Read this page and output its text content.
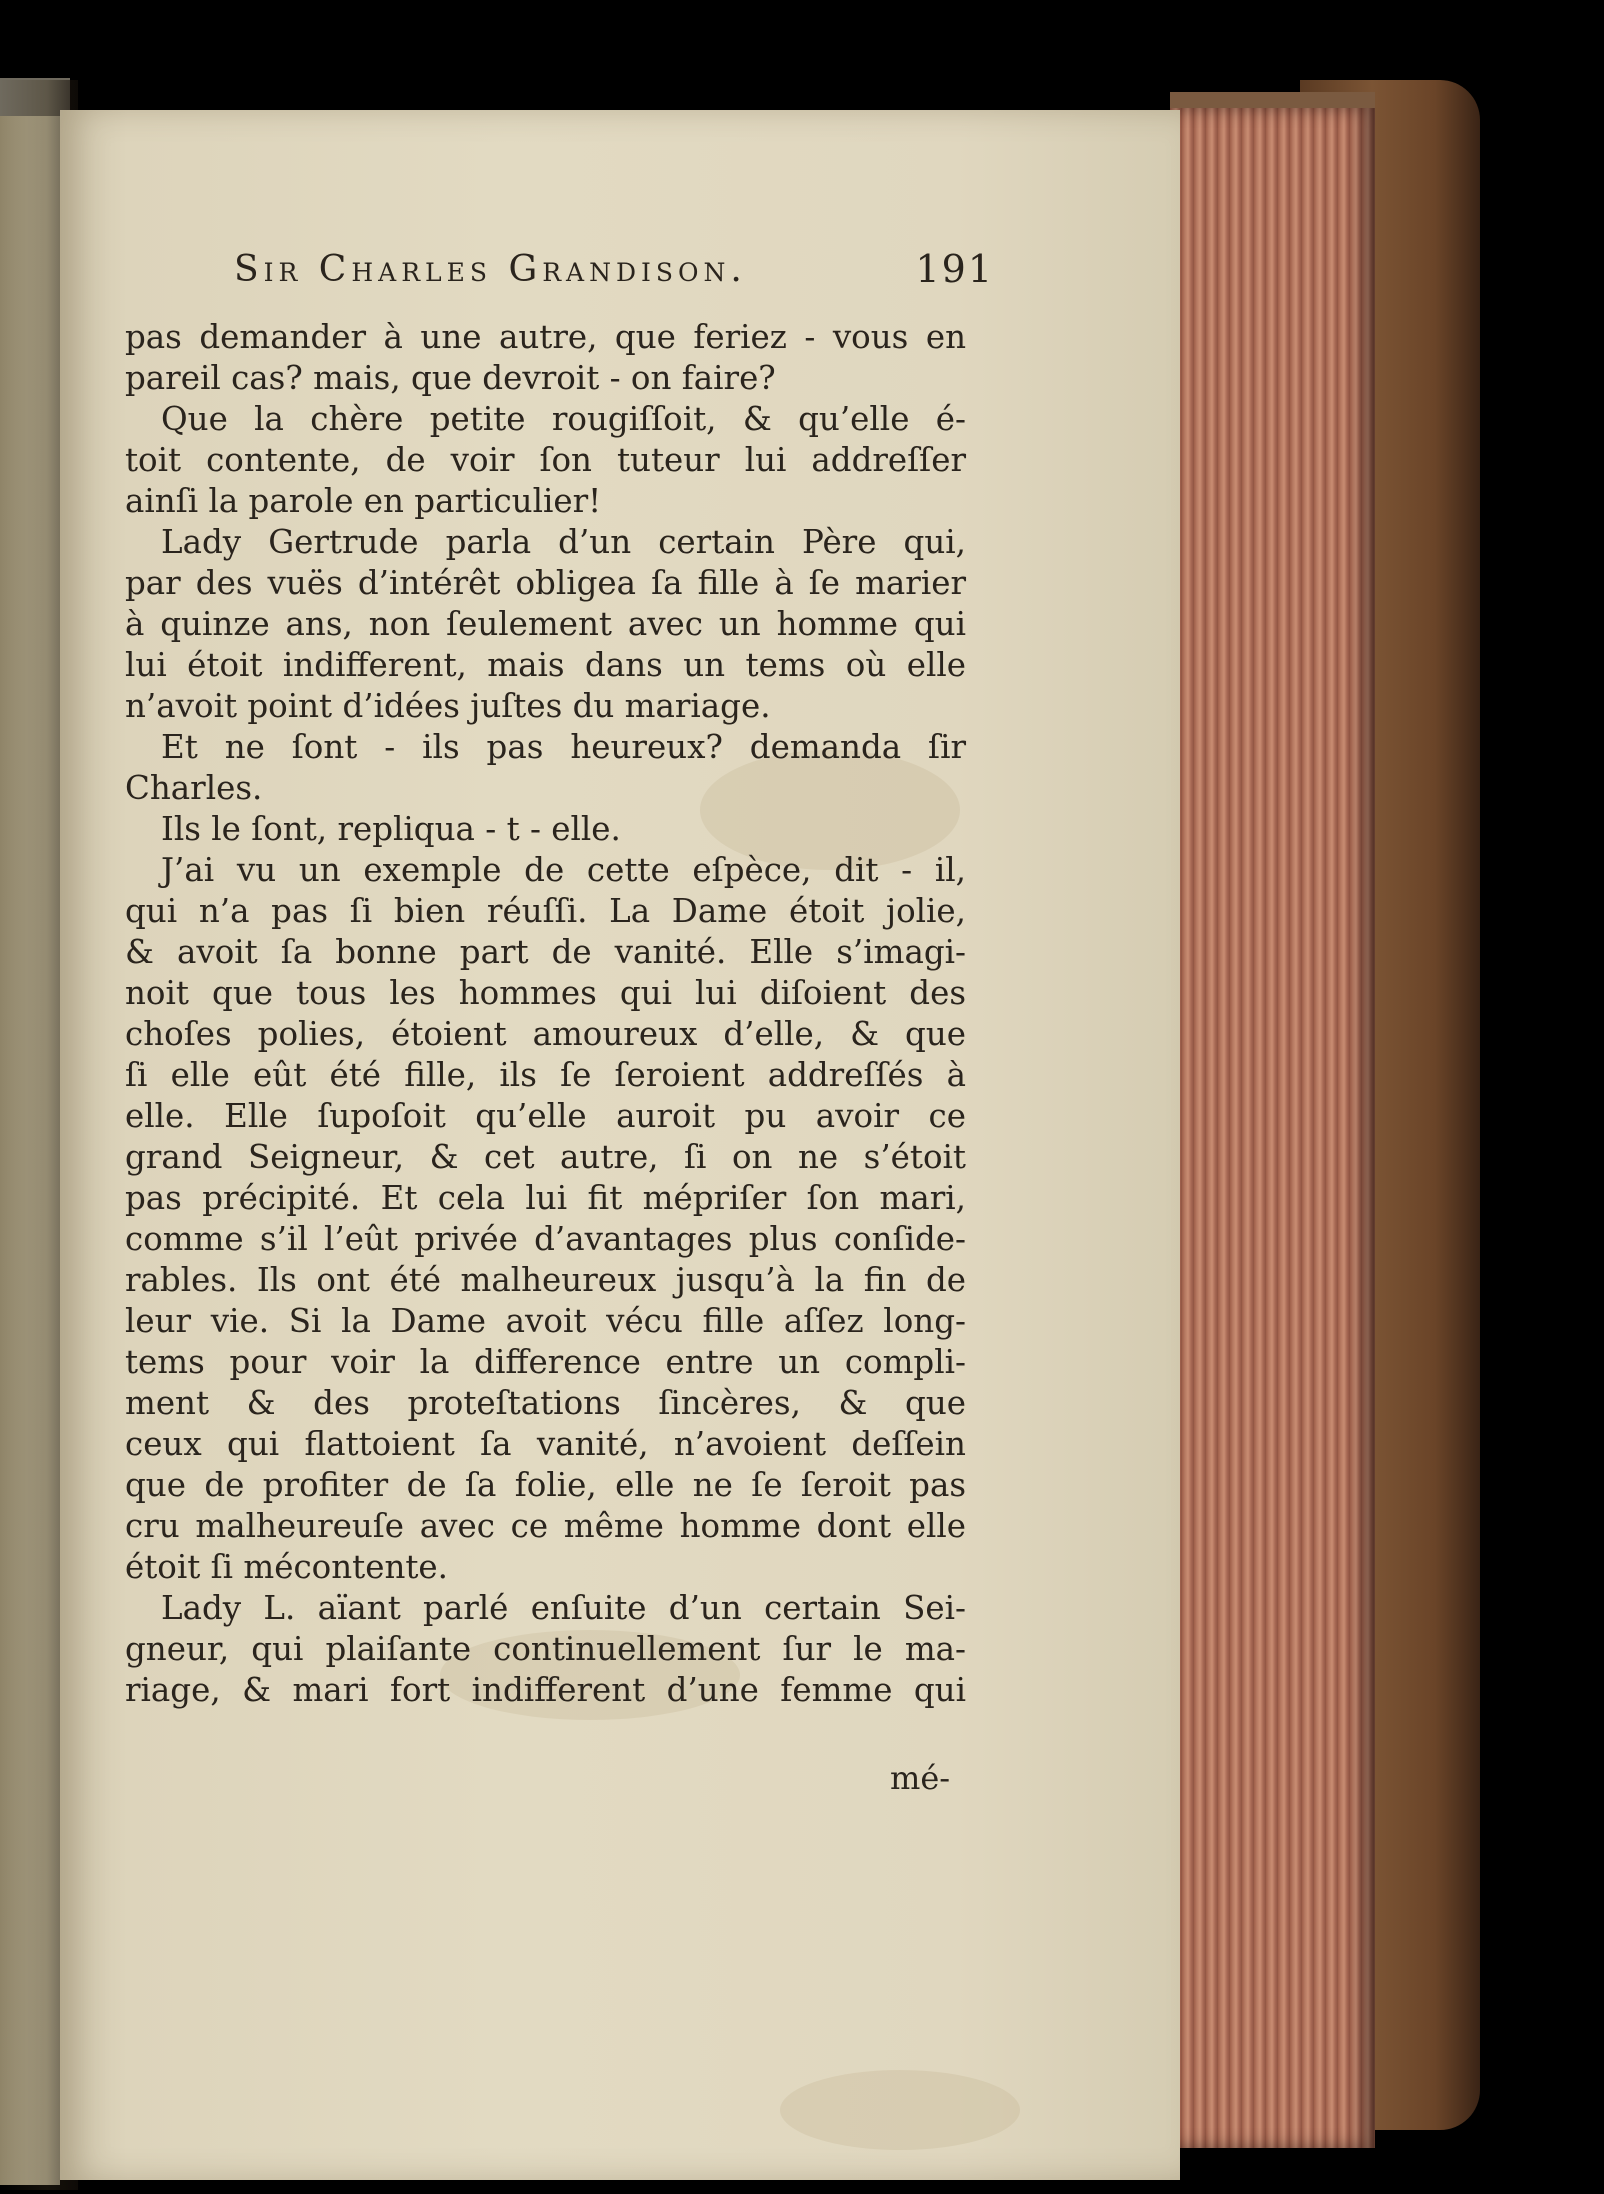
Sir Charles Grandison.	191
pas demander à une autre, que feriez - vous en
pareil cas? mais, que devroit - on faire?
Que la chère petite rougiſſoit, & qu’elle é-
toit contente, de voir ſon tuteur lui addreſſer
ainſi la parole en particulier!
Lady Gertrude parla d’un certain Père qui,
par des vuës d’intérêt obligea ſa fille à ſe marier
à quinze ans, non ſeulement avec un homme qui
lui étoit indifferent, mais dans un tems où elle
n’avoit point d’idées juſtes du mariage.
Et ne ſont - ils pas heureux? demanda ſir
Charles.
Ils le ſont, repliqua - t - elle.
J’ai vu un exemple de cette eſpèce, dit - il,
qui n’a pas ſi bien réuſſi. La Dame étoit jolie,
& avoit ſa bonne part de vanité. Elle s’imagi-
noit que tous les hommes qui lui diſoient des
choſes polies, étoient amoureux d’elle, & que
ſi elle eût été fille, ils ſe ſeroient addreſſés à
elle. Elle ſupoſoit qu’elle auroit pu avoir ce
grand Seigneur, & cet autre, ſi on ne s’étoit
pas précipité. Et cela lui fit mépriſer ſon mari,
comme s’il l’eût privée d’avantages plus conſide-
rables. Ils ont été malheureux jusqu’à la fin de
leur vie. Si la Dame avoit vécu fille aſſez long-
tems pour voir la difference entre un compli-
ment & des proteſtations ſincères, & que
ceux qui flattoient ſa vanité, n’avoient deſſein
que de profiter de ſa folie, elle ne ſe ſeroit pas
cru malheureuſe avec ce même homme dont elle
étoit ſi mécontente.
Lady L. aïant parlé enſuite d’un certain Sei-
gneur, qui plaiſante continuellement ſur le ma-
riage, & mari fort indifferent d’une femme qui
mé-
